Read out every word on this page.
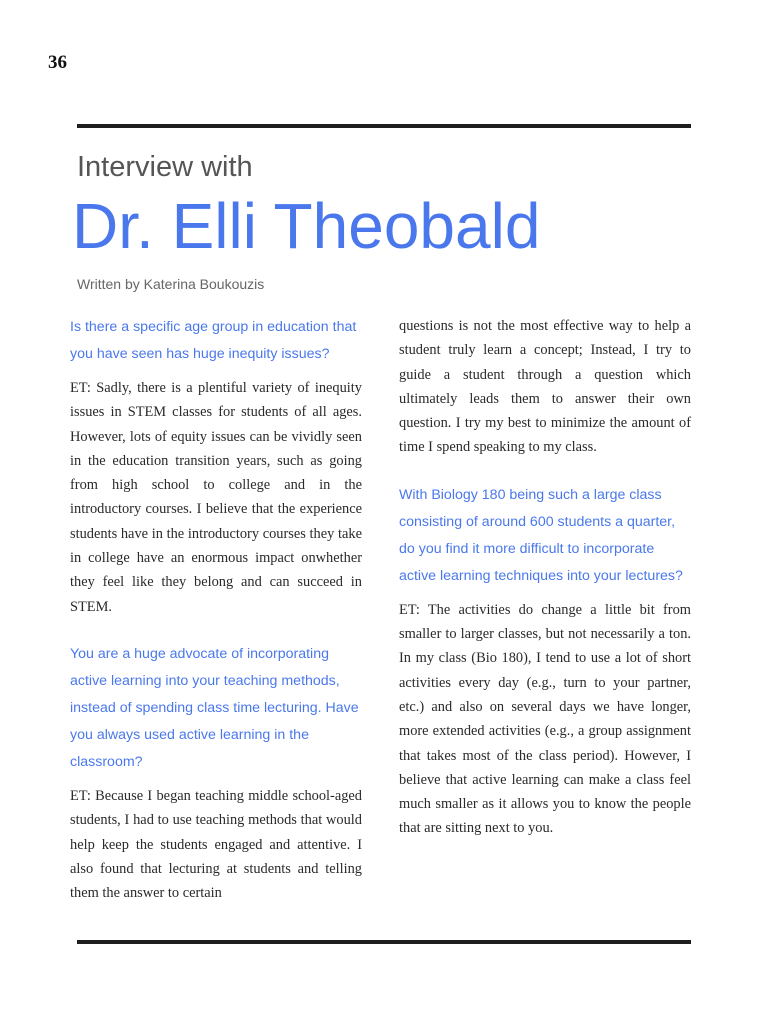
36
Interview with
Dr. Elli Theobald
Written by Katerina Boukouzis

Is there a specific age group in education that you have seen has huge inequity issues?

ET: Sadly, there is a plentiful variety of inequity issues in STEM classes for students of all ages. However, lots of equity issues can be vividly seen in the education transition years, such as going from high school to college and in the introductory courses. I believe that the experience students have in the introductory courses they take in college have an enormous impact onwhether they feel like they belong and can succeed in STEM.

You are a huge advocate of incorporating active learning into your teaching methods, instead of spending class time lecturing. Have you always used active learning in the classroom?

ET: Because I began teaching middle school-aged students, I had to use teaching methods that would help keep the students engaged and attentive. I also found that lecturing at students and telling them the answer to certain

questions is not the most effective way to help a student truly learn a concept; Instead, I try to guide a student through a question which ultimately leads them to answer their own question. I try my best to minimize the amount of time I spend speaking to my class.

With Biology 180 being such a large class consisting of around 600 students a quarter, do you find it more difficult to incorporate active learning techniques into your lectures?

ET: The activities do change a little bit from smaller to larger classes, but not necessarily a ton. In my class (Bio 180), I tend to use a lot of short activities every day (e.g., turn to your partner, etc.) and also on several days we have longer, more extended activities (e.g., a group assignment that takes most of the class period). However, I believe that active learning can make a class feel much smaller as it allows you to know the people that are sitting next to you.
